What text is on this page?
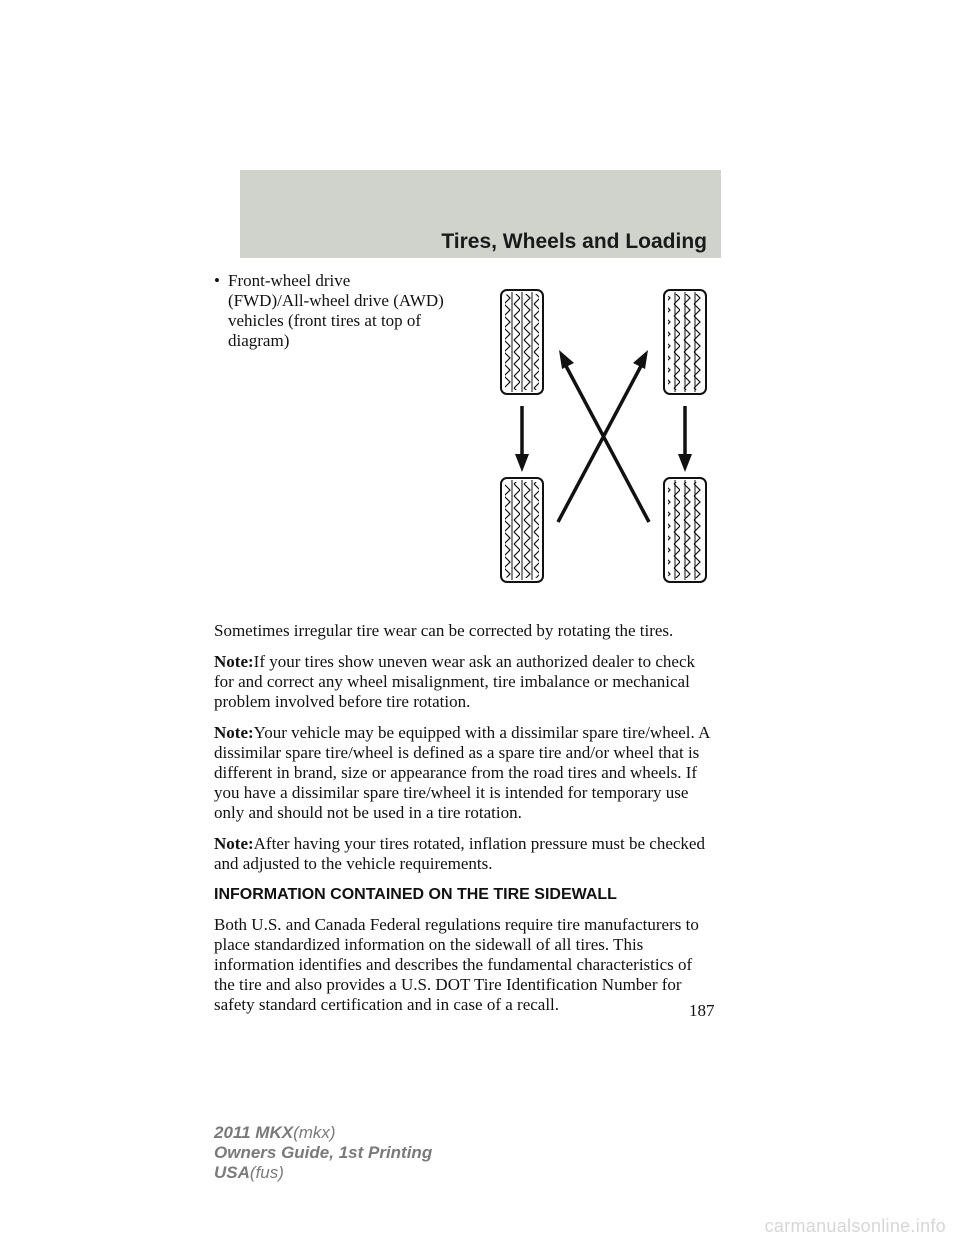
Tires, Wheels and Loading
• Front-wheel drive
(FWD)/All-wheel drive (AWD)
vehicles (front tires at top of
diagram)

Sometimes irregular tire wear can be corrected by rotating the tires.

Note:If your tires show uneven wear ask an authorized dealer to check
for and correct any wheel misalignment, tire imbalance or mechanical
problem involved before tire rotation.

Note:Your vehicle may be equipped with a dissimilar spare tire/wheel. A
dissimilar spare tire/wheel is defined as a spare tire and/or wheel that is
different in brand, size or appearance from the road tires and wheels. If
you have a dissimilar spare tire/wheel it is intended for temporary use
only and should not be used in a tire rotation.

Note:After having your tires rotated, inflation pressure must be checked
and adjusted to the vehicle requirements.

INFORMATION CONTAINED ON THE TIRE SIDEWALL

Both U.S. and Canada Federal regulations require tire manufacturers to
place standardized information on the sidewall of all tires. This
information identifies and describes the fundamental characteristics of
the tire and also provides a U.S. DOT Tire Identification Number for
safety standard certification and in case of a recall.	187
2011 MKX(mkx)
Owners Guide, 1st Printing
USA(fus)
carmanualsonline.info
